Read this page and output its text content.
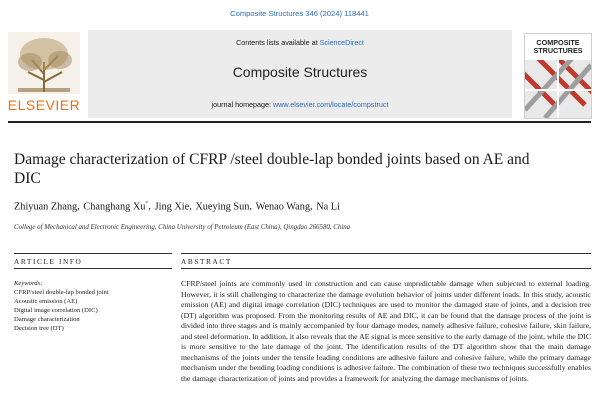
Composite Structures 346 (2024) 118441
Contents lists available at ScienceDirect
Composite Structures
journal homepage: www.elsevier.com/locate/compstruct
ELSEVIER
COMPOSITE STRUCTURES
Damage characterization of CFRP /steel double-lap bonded joints based on AE and DIC
Zhiyuan Zhang, Changhang Xu*, Jing Xie, Xueying Sun, Wenao Wang, Na Li
College of Mechanical and Electronic Engineering, China University of Petroleum (East China), Qingdao 266580, China
ARTICLE INFO	ABSTRACT
Keywords:
CFRP/steel double-lap bonded joint
Acoustic emission (AE)
Digital image correlation (DIC)
Damage characterization
Decision tree (DT)
CFRP/steel joints are commonly used in construction and can cause unpredictable damage when subjected to external loading. However, it is still challenging to characterize the damage evolution behavior of joints under different loads. In this study, acoustic emission (AE) and digital image correlation (DIC) techniques are used to monitor the damaged state of joints, and a decision tree (DT) algorithm was proposed. From the monitoring results of AE and DIC, it can be found that the damage process of the joint is divided into three stages and is mainly accompanied by four damage modes, namely adhesive failure, cohesive failure, skin failure, and steel deformation. In addition, it also reveals that the AE signal is more sensitive to the early damage of the joint, while the DIC is more sensitive to the late damage of the joint. The identification results of the DT algorithm show that the main damage mechanisms of the joints under the tensile loading conditions are adhesive failure and cohesive failure, while the primary damage mechanism under the bending loading conditions is adhesive failure. The combination of these two techniques successfully enables the damage characterization of joints and provides a framework for analyzing the damage mechanisms of joints.
